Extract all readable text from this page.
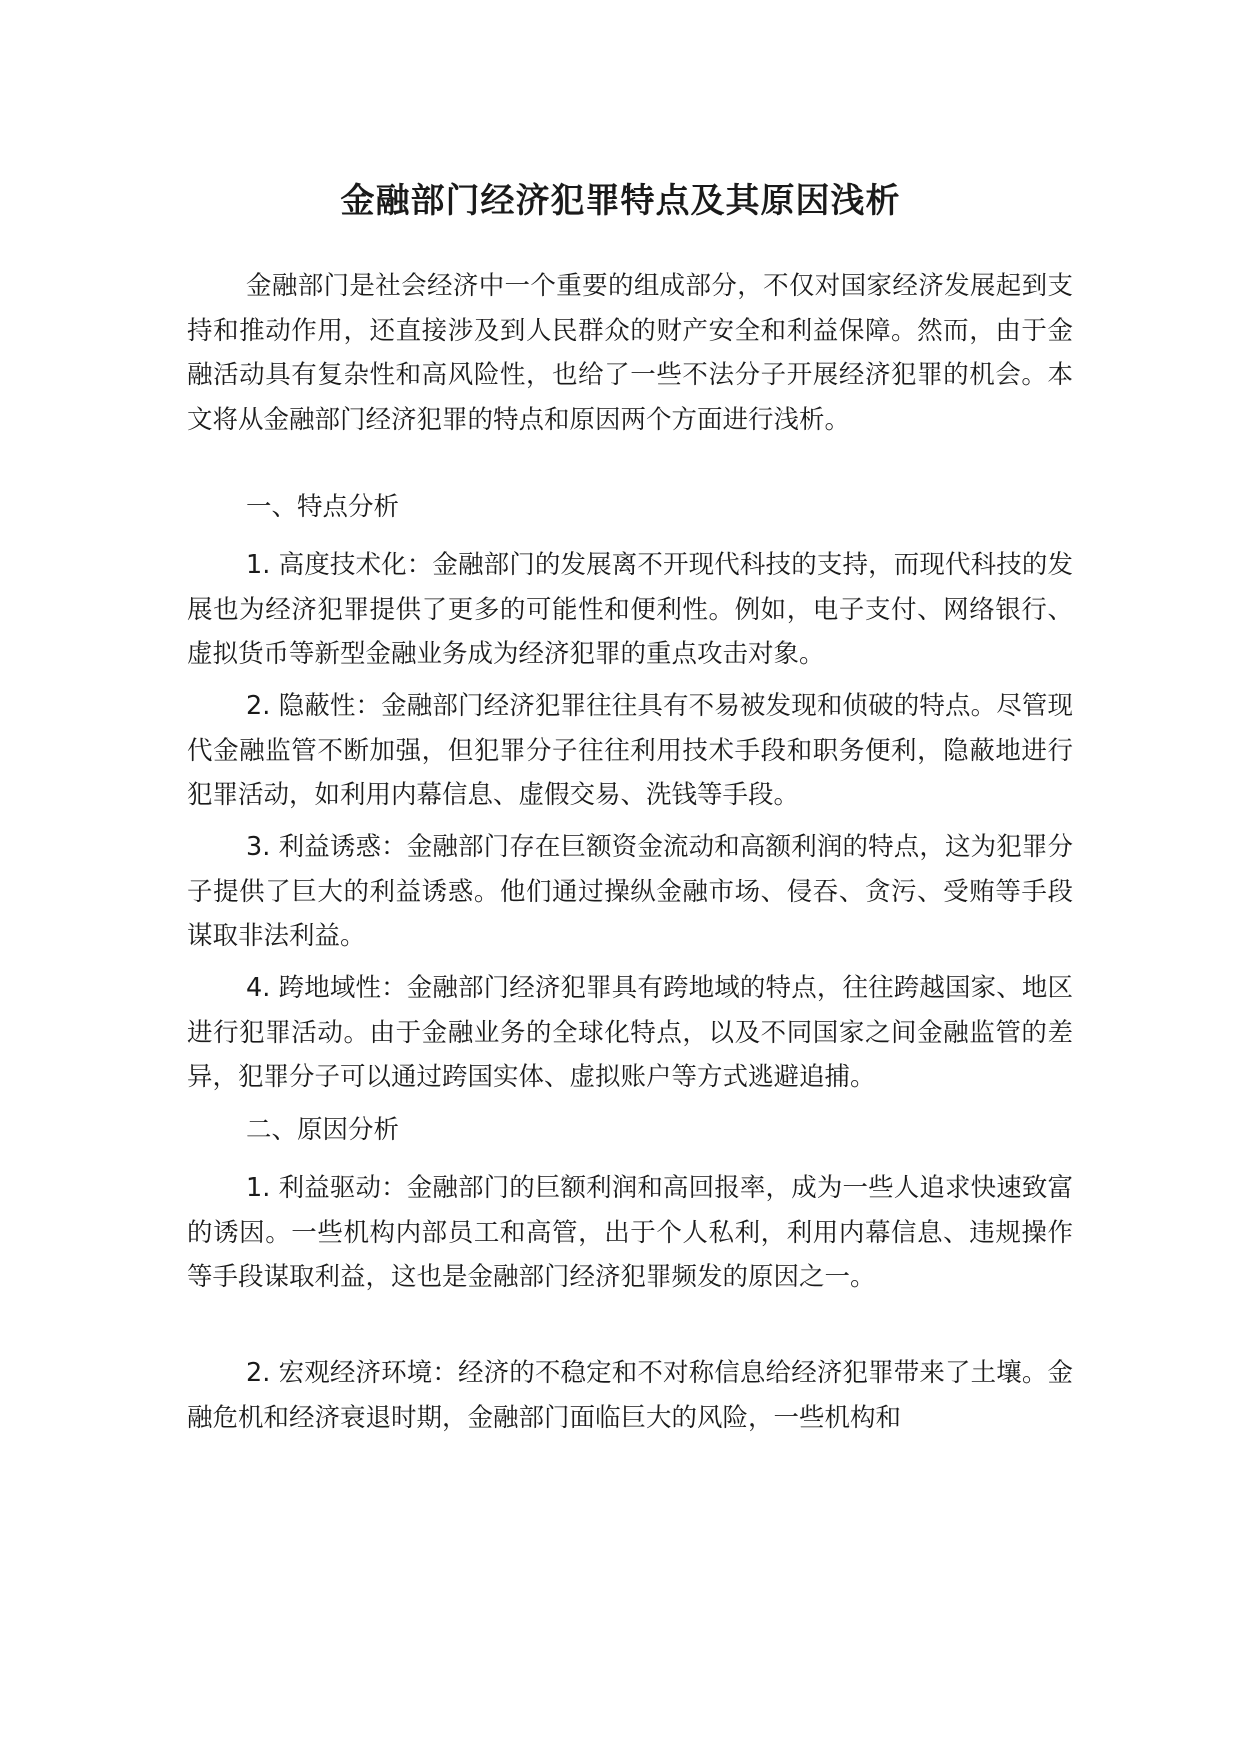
金融部门经济犯罪特点及其原因浅析

金融部门是社会经济中一个重要的组成部分，不仅对国家经济发展起到支持和推动作用，还直接涉及到人民群众的财产安全和利益保障。然而，由于金融活动具有复杂性和高风险性，也给了一些不法分子开展经济犯罪的机会。本文将从金融部门经济犯罪的特点和原因两个方面进行浅析。

一、特点分析

1. 高度技术化：金融部门的发展离不开现代科技的支持，而现代科技的发展也为经济犯罪提供了更多的可能性和便利性。例如，电子支付、网络银行、虚拟货币等新型金融业务成为经济犯罪的重点攻击对象。

2. 隐蔽性：金融部门经济犯罪往往具有不易被发现和侦破的特点。尽管现代金融监管不断加强，但犯罪分子往往利用技术手段和职务便利，隐蔽地进行犯罪活动，如利用内幕信息、虚假交易、洗钱等手段。

3. 利益诱惑：金融部门存在巨额资金流动和高额利润的特点，这为犯罪分子提供了巨大的利益诱惑。他们通过操纵金融市场、侵吞、贪污、受贿等手段谋取非法利益。

4. 跨地域性：金融部门经济犯罪具有跨地域的特点，往往跨越国家、地区进行犯罪活动。由于金融业务的全球化特点，以及不同国家之间金融监管的差异，犯罪分子可以通过跨国实体、虚拟账户等方式逃避追捕。

二、原因分析

1. 利益驱动：金融部门的巨额利润和高回报率，成为一些人追求快速致富的诱因。一些机构内部员工和高管，出于个人私利，利用内幕信息、违规操作等手段谋取利益，这也是金融部门经济犯罪频发的原因之一。

2. 宏观经济环境：经济的不稳定和不对称信息给经济犯罪带来了土壤。金融危机和经济衰退时期，金融部门面临巨大的风险，一些机构和
